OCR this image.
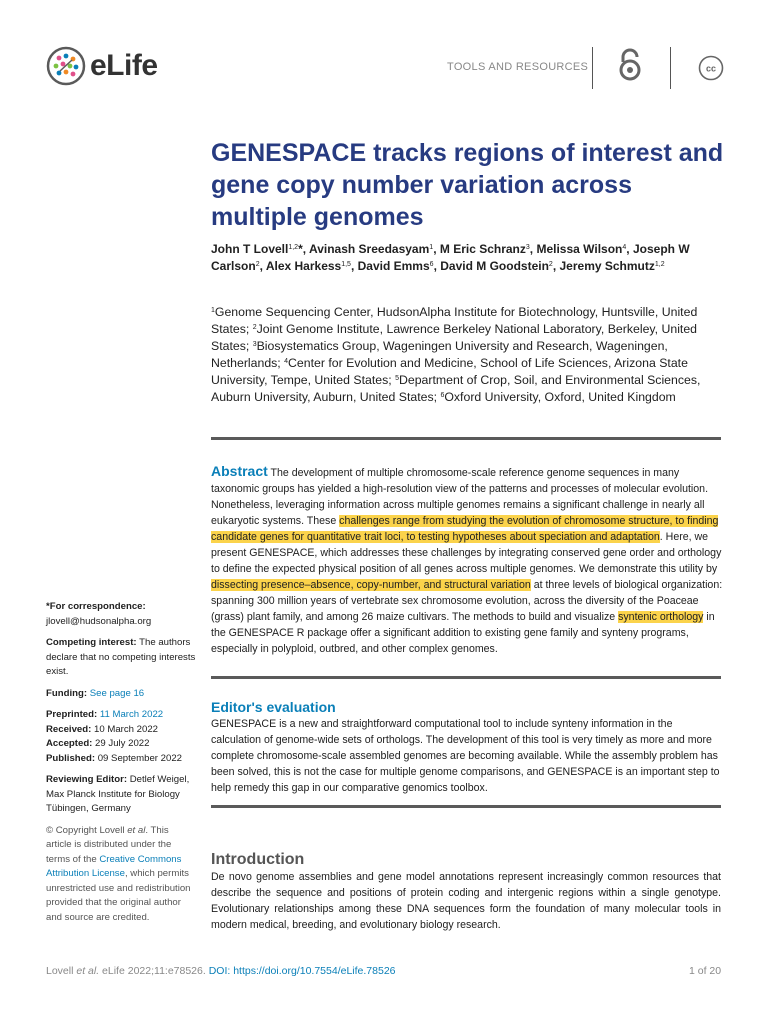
eLife	TOOLS AND RESOURCES	cc
GENESPACE tracks regions of interest and gene copy number variation across multiple genomes
John T Lovell$^{1,2}$*, Avinash Sreedasyam$^1$, M Eric Schranz$^3$, Melissa Wilson$^4$, Joseph W Carlson$^2$, Alex Harkess$^{1,5}$, David Emms$^6$, David M Goodstein$^2$, Jeremy Schmutz$^{1,2}$
$^1$Genome Sequencing Center, HudsonAlpha Institute for Biotechnology, Huntsville, United States; $^2$Joint Genome Institute, Lawrence Berkeley National Laboratory, Berkeley, United States; $^3$Biosystematics Group, Wageningen University and Research, Wageningen, Netherlands; $^4$Center for Evolution and Medicine, School of Life Sciences, Arizona State University, Tempe, United States; $^5$Department of Crop, Soil, and Environmental Sciences, Auburn University, Auburn, United States; $^6$Oxford University, Oxford, United Kingdom
Abstract The development of multiple chromosome-scale reference genome sequences in many taxonomic groups has yielded a high-resolution view of the patterns and processes of molecular evolution. Nonetheless, leveraging information across multiple genomes remains a significant challenge in nearly all eukaryotic systems. These challenges range from studying the evolution of chromosome structure, to finding candidate genes for quantitative trait loci, to testing hypotheses about speciation and adaptation. Here, we present GENESPACE, which addresses these challenges by integrating conserved gene order and orthology to define the expected physical position of all genes across multiple genomes. We demonstrate this utility by dissecting presence–absence, copy-number, and structural variation at three levels of biological organization: spanning 300 million years of vertebrate sex chromosome evolution, across the diversity of the Poaceae (grass) plant family, and among 26 maize cultivars. The methods to build and visualize syntenic orthology in the GENESPACE R package offer a significant addition to existing gene family and synteny programs, especially in polyploid, outbred, and other complex genomes.
Editor's evaluation
GENESPACE is a new and straightforward computational tool to include synteny information in the calculation of genome-wide sets of orthologs. The development of this tool is very timely as more and more complete chromosome-scale assembled genomes are becoming available. While the assembly problem has been solved, this is not the case for multiple genome comparisons, and GENESPACE is an important step to help remedy this gap in our comparative genomics toolbox.
Introduction
De novo genome assemblies and gene model annotations represent increasingly common resources that describe the sequence and positions of protein coding and intergenic regions within a single genotype. Evolutionary relationships among these DNA sequences form the foundation of many molecular tools in modern medical, breeding, and evolutionary biology research.
*For correspondence:
jlovell@hudsonalpha.org
Competing interest: The authors declare that no competing interests exist.
Funding: See page 16
Preprinted: 11 March 2022
Received: 10 March 2022
Accepted: 29 July 2022
Published: 09 September 2022
Reviewing Editor: Detlef Weigel, Max Planck Institute for Biology Tübingen, Germany
© Copyright Lovell et al. This article is distributed under the terms of the Creative Commons Attribution License, which permits unrestricted use and redistribution provided that the original author and source are credited.
Lovell et al. eLife 2022;11:e78526. DOI: https://doi.org/10.7554/eLife.78526	1 of 20
